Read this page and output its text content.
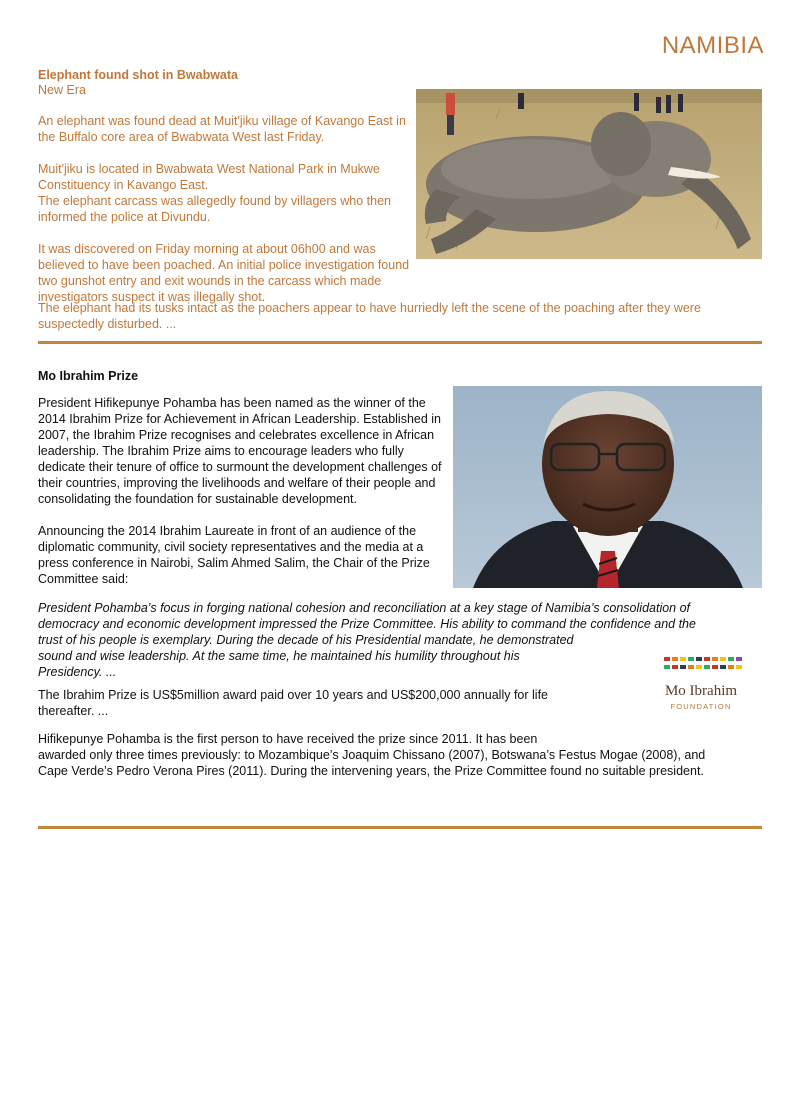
NAMIBIA
Elephant found shot in Bwabwata
New Era

An elephant was found dead at Muit'jiku village of Kavango East in the Buffalo core area of Bwabwata West last Friday.

Muit'jiku is located in Bwabwata West National Park in Mukwe Constituency in Kavango East.

The elephant carcass was allegedly found by villagers who then informed the police at Divundu.

It was discovered on Friday morning at about 06h00 and was believed to have been poached. An initial police investigation found two gunshot entry and exit wounds in the carcass which made investigators suspect it was illegally shot.

The elephant had its tusks intact as the poachers appear to have hurriedly left the scene of the poaching after they were suspectedly disturbed. ...
Mo Ibrahim Prize

President Hifikepunye Pohamba has been named as the winner of the 2014 Ibrahim Prize for Achievement in African Leadership. Established in 2007, the Ibrahim Prize recognises and celebrates excellence in African leadership. The Ibrahim Prize aims to encourage leaders who fully dedicate their tenure of office to surmount the development challenges of their countries, improving the livelihoods and welfare of their people and consolidating the foundation for sustainable development.

Announcing the 2014 Ibrahim Laureate in front of an audience of the diplomatic community, civil society representatives and the media at a press conference in Nairobi, Salim Ahmed Salim, the Chair of the Prize Committee said:

President Pohamba’s focus in forging national cohesion and reconciliation at a key stage of Namibia’s consolidation of

democracy and economic development impressed the Prize Committee. His ability to command the confidence and the

trust of his people is exemplary. During the decade of his Presidential mandate, he demonstrated

sound and wise leadership. At the same time, he maintained his humility throughout his

Presidency. ...

The Ibrahim Prize is US$5million award paid over 10 years and US$200,000 annually for life thereafter. ...

Hifikepunye Pohamba is the first person to have received the prize since 2011. It has been

awarded only three times previously: to Mozambique’s Joaquim Chissano (2007), Botswana’s Festus Mogae (2008), and

Cape Verde’s Pedro Verona Pires (2011). During the intervening years, the Prize Committee found no suitable president.

Mo Ibrahim
FOUNDATION
